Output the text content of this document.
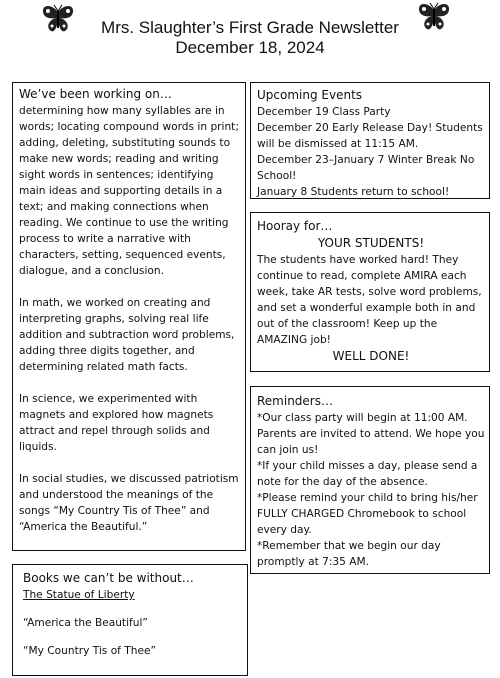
Mrs. Slaughter’s First Grade Newsletter
December 18, 2024

We’ve been working on…

determining how many syllables are in words; locating compound words in print; adding, deleting, substituting sounds to make new words; reading and writing sight words in sentences; identifying main ideas and supporting details in a text; and making connections when reading. We continue to use the writing process to write a narrative with characters, setting, sequenced events, dialogue, and a conclusion.

In math, we worked on creating and interpreting graphs, solving real life addition and subtraction word problems, adding three digits together, and determining related math facts.

In science, we experimented with magnets and explored how magnets attract and repel through solids and liquids.

In social studies, we discussed patriotism and understood the meanings of the songs “My Country Tis of Thee” and “America the Beautiful.”

Books we can’t be without…

The Statue of Liberty

“America the Beautiful”

“My Country Tis of Thee”

Upcoming Events

December 19 Class Party

December 20 Early Release Day! Students will be dismissed at 11:15 AM.

December 23–January 7 Winter Break No School!

January 8 Students return to school!

Hooray for…

YOUR STUDENTS!

The students have worked hard! They continue to read, complete AMIRA each week, take AR tests, solve word problems, and set a wonderful example both in and out of the classroom! Keep up the AMAZING job!

WELL DONE!

Reminders…

*Our class party will begin at 11:00 AM. Parents are invited to attend. We hope you can join us!

*If your child misses a day, please send a note for the day of the absence.

*Please remind your child to bring his/her FULLY CHARGED Chromebook to school every day.

*Remember that we begin our day promptly at 7:35 AM.
